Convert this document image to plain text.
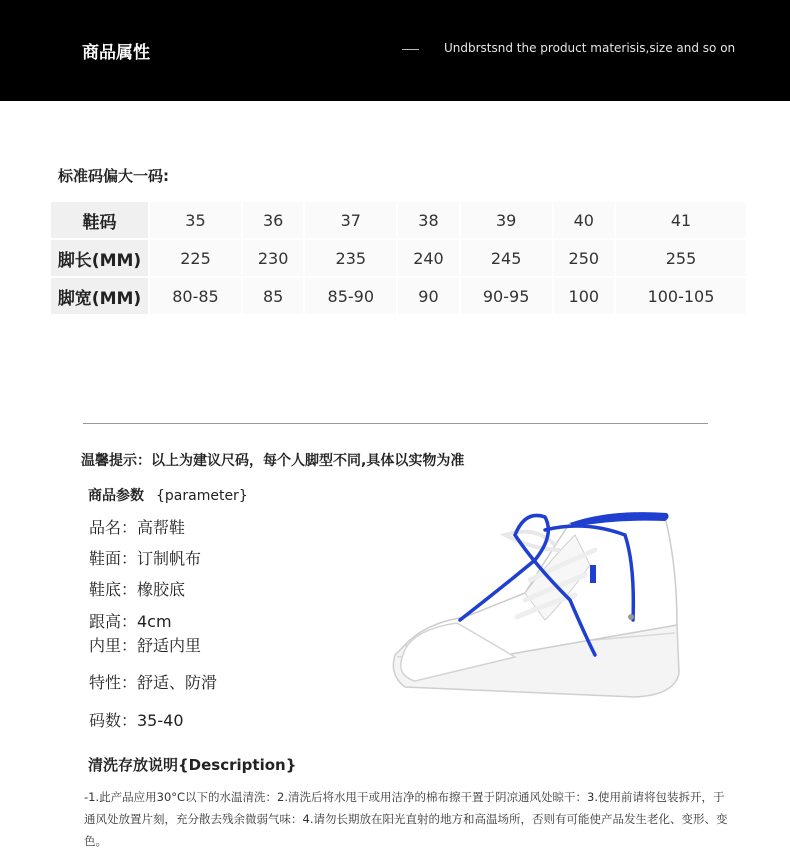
商品属性	Undbrstsnd the product materisis,size and so on
标准码偏大一码:
鞋码	35	36	37	38	39	40	41
脚长(MM)	225	230	235	240	245	250	255
脚宽(MM)	80-85	85	85-90	90	90-95	100	100-105
温馨提示：以上为建议尺码，每个人脚型不同,具体以实物为准
商品参数 {parameter}
品名：高帮鞋
鞋面：订制帆布
鞋底：橡胶底
跟高：4cm
内里：舒适内里
特性：舒适、防滑
码数：35-40
清洗存放说明{Description}
-1.此产品应用30°C以下的水温清洗：2.清洗后将水甩干或用洁净的棉布擦干置于阴凉通风处晾干：3.使用前请将包装拆开，于通风处放置片刻，充分散去残余微弱气味：4.请勿长期放在阳光直射的地方和高温场所，否则有可能使产品发生老化、变形、变色。
